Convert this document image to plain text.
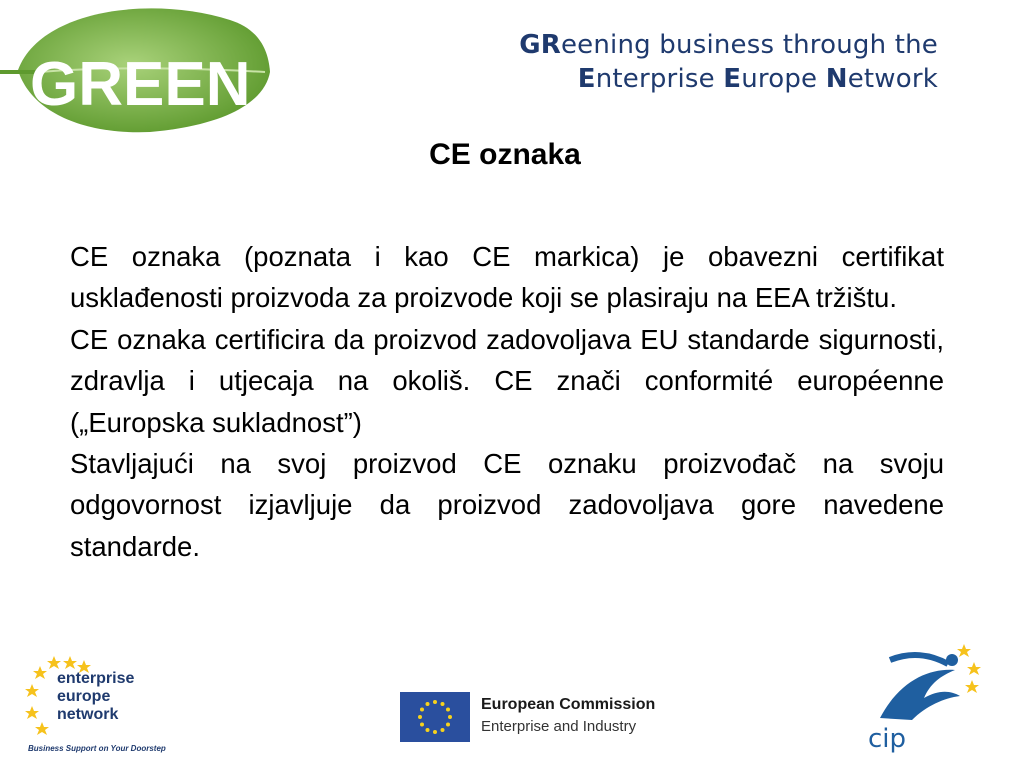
GREEN
GReening business through the
Enterprise Europe Network
CE oznaka

CE oznaka (poznata i kao CE markica) je obavezni certifikat usklađenosti proizvoda za proizvode koji se plasiraju na EEA tržištu.

CE oznaka certificira da proizvod zadovoljava EU standarde sigurnosti, zdravlja i utjecaja na okoliš. CE znači conformité européenne („Europska sukladnost”)

Stavljajući na svoj proizvod CE oznaku proizvođač na svoju odgovornost izjavljuje da proizvod zadovoljava gore navedene standarde.

enterprise
europe
network
Business Support on Your Doorstep
European Commission
Enterprise and Industry	cip
